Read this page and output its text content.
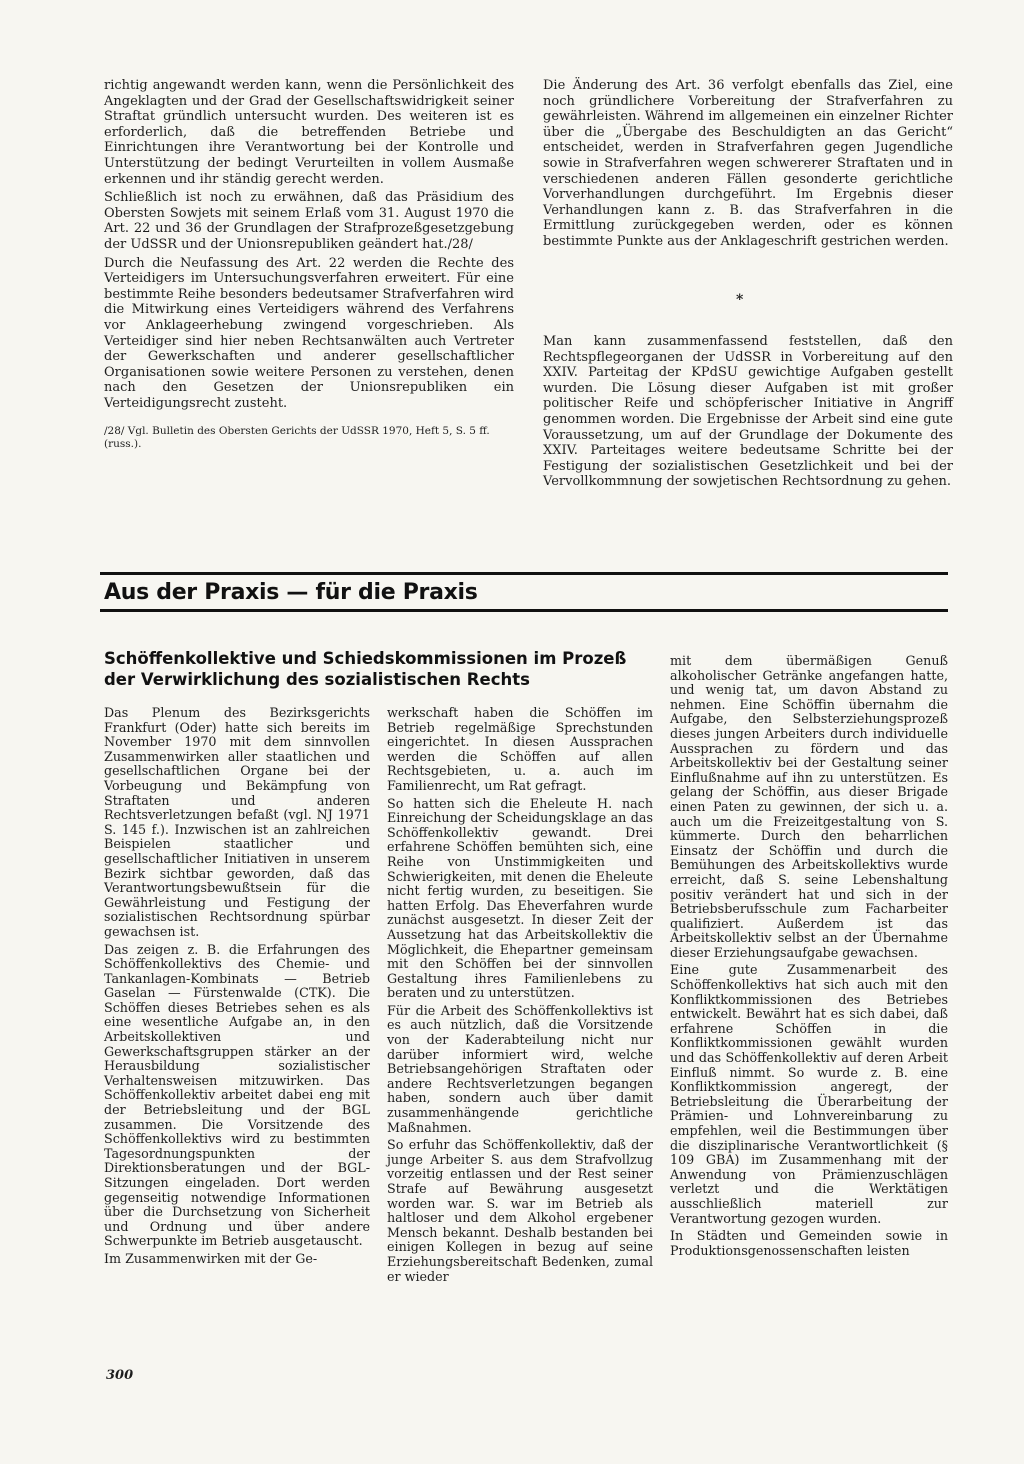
richtig angewandt werden kann, wenn die Persönlichkeit des Angeklagten und der Grad der Gesellschaftswidrigkeit seiner Straftat gründlich untersucht wurden. Des weiteren ist es erforderlich, daß die betreffenden Betriebe und Einrichtungen ihre Verantwortung bei der Kontrolle und Unterstützung der bedingt Verurteilten in vollem Ausmaße erkennen und ihr ständig gerecht werden.

Schließlich ist noch zu erwähnen, daß das Präsidium des Obersten Sowjets mit seinem Erlaß vom 31. August 1970 die Art. 22 und 36 der Grundlagen der Strafprozeßgesetzgebung der UdSSR und der Unionsrepubliken geändert hat./28/

Durch die Neufassung des Art. 22 werden die Rechte des Verteidigers im Untersuchungsverfahren erweitert. Für eine bestimmte Reihe besonders bedeutsamer Strafverfahren wird die Mitwirkung eines Verteidigers während des Verfahrens vor Anklageerhebung zwingend vorgeschrieben. Als Verteidiger sind hier neben Rechtsanwälten auch Vertreter der Gewerkschaften und anderer gesellschaftlicher Organisationen sowie weitere Personen zu verstehen, denen nach den Gesetzen der Unionsrepubliken ein Verteidigungsrecht zusteht.

/28/ Vgl. Bulletin des Obersten Gerichts der UdSSR 1970, Heft 5, S. 5 ff. (russ.).

Die Änderung des Art. 36 verfolgt ebenfalls das Ziel, eine noch gründlichere Vorbereitung der Strafverfahren zu gewährleisten. Während im allgemeinen ein einzelner Richter über die „Übergabe des Beschuldigten an das Gericht“ entscheidet, werden in Strafverfahren gegen Jugendliche sowie in Strafverfahren wegen schwererer Straftaten und in verschiedenen anderen Fällen gesonderte gerichtliche Vorverhandlungen durchgeführt. Im Ergebnis dieser Verhandlungen kann z. B. das Strafverfahren in die Ermittlung zurückgegeben werden, oder es können bestimmte Punkte aus der Anklageschrift gestrichen werden.

*

Man kann zusammenfassend feststellen, daß den Rechtspflegeorganen der UdSSR in Vorbereitung auf den XXIV. Parteitag der KPdSU gewichtige Aufgaben gestellt wurden. Die Lösung dieser Aufgaben ist mit großer politischer Reife und schöpferischer Initiative in Angriff genommen worden. Die Ergebnisse der Arbeit sind eine gute Voraussetzung, um auf der Grundlage der Dokumente des XXIV. Parteitages weitere bedeutsame Schritte bei der Festigung der sozialistischen Gesetzlichkeit und bei der Vervollkommnung der sowjetischen Rechtsordnung zu gehen.

Aus der Praxis — für die Praxis
Schöffenkollektive und Schiedskommissionen im Prozeß der Verwirklichung des sozialistischen Rechts

Das Plenum des Bezirksgerichts Frankfurt (Oder) hatte sich bereits im November 1970 mit dem sinnvollen Zusammenwirken aller staatlichen und gesellschaftlichen Organe bei der Vorbeugung und Bekämpfung von Straftaten und anderen Rechtsverletzungen befaßt (vgl. NJ 1971 S. 145 f.). Inzwischen ist an zahlreichen Beispielen staatlicher und gesellschaftlicher Initiativen in unserem Bezirk sichtbar geworden, daß das Verantwortungsbewußtsein für die Gewährleistung und Festigung der sozialistischen Rechtsordnung spürbar gewachsen ist.

Das zeigen z. B. die Erfahrungen des Schöffenkollektivs des Chemie- und Tankanlagen-Kombinats — Betrieb Gaselan — Fürstenwalde (CTK). Die Schöffen dieses Betriebes sehen es als eine wesentliche Aufgabe an, in den Arbeitskollektiven und Gewerkschaftsgruppen stärker an der Herausbildung sozialistischer Verhaltensweisen mitzuwirken. Das Schöffenkollektiv arbeitet dabei eng mit der Betriebsleitung und der BGL zusammen. Die Vorsitzende des Schöffenkollektivs wird zu bestimmten Tagesordnungspunkten der Direktionsberatungen und der BGL-Sitzungen eingeladen. Dort werden gegenseitig notwendige Informationen über die Durchsetzung von Sicherheit und Ordnung und über andere Schwerpunkte im Betrieb ausgetauscht.

Im Zusammenwirken mit der Ge-

werkschaft haben die Schöffen im Betrieb regelmäßige Sprechstunden eingerichtet. In diesen Aussprachen werden die Schöffen auf allen Rechtsgebieten, u. a. auch im Familienrecht, um Rat gefragt.

So hatten sich die Eheleute H. nach Einreichung der Scheidungsklage an das Schöffenkollektiv gewandt. Drei erfahrene Schöffen bemühten sich, eine Reihe von Unstimmigkeiten und Schwierigkeiten, mit denen die Eheleute nicht fertig wurden, zu beseitigen. Sie hatten Erfolg. Das Eheverfahren wurde zunächst ausgesetzt. In dieser Zeit der Aussetzung hat das Arbeitskollektiv die Möglichkeit, die Ehepartner gemeinsam mit den Schöffen bei der sinnvollen Gestaltung ihres Familienlebens zu beraten und zu unterstützen.

Für die Arbeit des Schöffenkollektivs ist es auch nützlich, daß die Vorsitzende von der Kaderabteilung nicht nur darüber informiert wird, welche Betriebsangehörigen Straftaten oder andere Rechtsverletzungen begangen haben, sondern auch über damit zusammenhängende gerichtliche Maßnahmen.

So erfuhr das Schöffenkollektiv, daß der junge Arbeiter S. aus dem Strafvollzug vorzeitig entlassen und der Rest seiner Strafe auf Bewährung ausgesetzt worden war. S. war im Betrieb als haltloser und dem Alkohol ergebener Mensch bekannt. Deshalb bestanden bei einigen Kollegen in bezug auf seine Erziehungsbereitschaft Bedenken, zumal er wieder

mit dem übermäßigen Genuß alkoholischer Getränke angefangen hatte, und wenig tat, um davon Abstand zu nehmen. Eine Schöffin übernahm die Aufgabe, den Selbsterziehungsprozeß dieses jungen Arbeiters durch individuelle Aussprachen zu fördern und das Arbeitskollektiv bei der Gestaltung seiner Einflußnahme auf ihn zu unterstützen. Es gelang der Schöffin, aus dieser Brigade einen Paten zu gewinnen, der sich u. a. auch um die Freizeitgestaltung von S. kümmerte. Durch den beharrlichen Einsatz der Schöffin und durch die Bemühungen des Arbeitskollektivs wurde erreicht, daß S. seine Lebenshaltung positiv verändert hat und sich in der Betriebsberufsschule zum Facharbeiter qualifiziert. Außerdem ist das Arbeitskollektiv selbst an der Übernahme dieser Erziehungsaufgabe gewachsen.

Eine gute Zusammenarbeit des Schöffenkollektivs hat sich auch mit den Konfliktkommissionen des Betriebes entwickelt. Bewährt hat es sich dabei, daß erfahrene Schöffen in die Konfliktkommissionen gewählt wurden und das Schöffenkollektiv auf deren Arbeit Einfluß nimmt. So wurde z. B. eine Konfliktkommission angeregt, der Betriebsleitung die Überarbeitung der Prämien- und Lohnvereinbarung zu empfehlen, weil die Bestimmungen über die disziplinarische Verantwortlichkeit (§ 109 GBA) im Zusammenhang mit der Anwendung von Prämienzuschlägen verletzt und die Werktätigen ausschließlich materiell zur Verantwortung gezogen wurden.

In Städten und Gemeinden sowie in Produktionsgenossenschaften leisten

300
